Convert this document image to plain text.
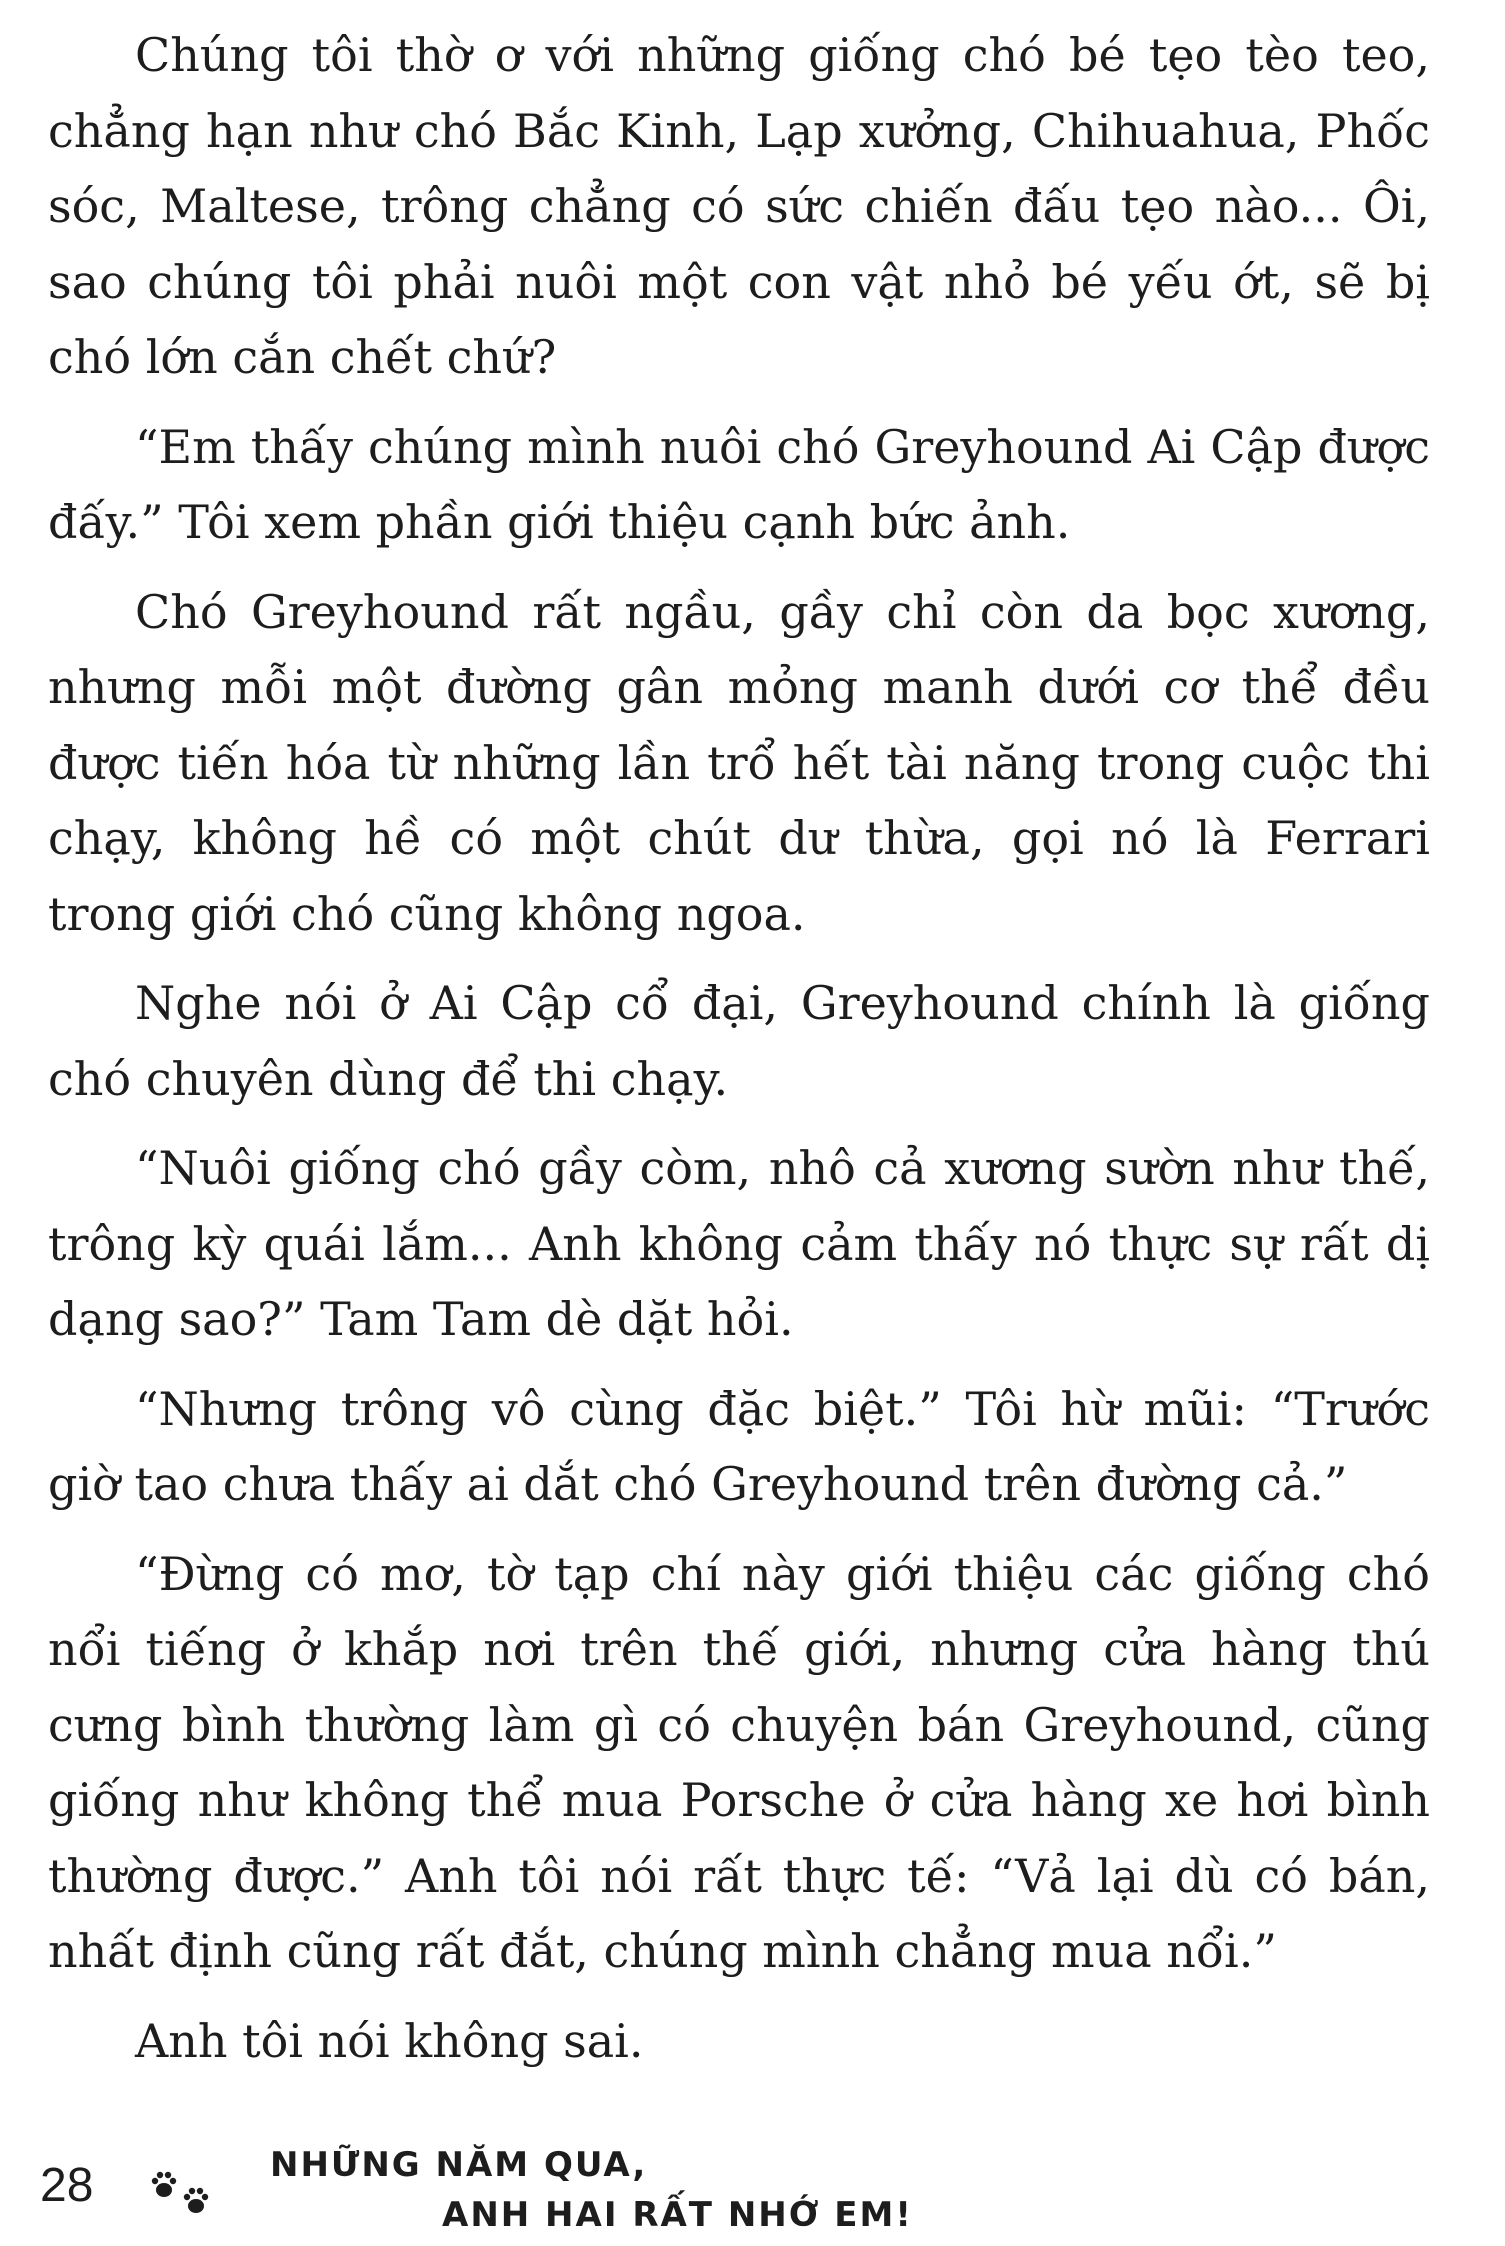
Chúng tôi thờ ơ với những giống chó bé tẹo tèo teo, chẳng hạn như chó Bắc Kinh, Lạp xưởng, Chihuahua, Phốc sóc, Maltese, trông chẳng có sức chiến đấu tẹo nào... Ôi, sao chúng tôi phải nuôi một con vật nhỏ bé yếu ớt, sẽ bị chó lớn cắn chết chứ?

“Em thấy chúng mình nuôi chó Greyhound Ai Cập được đấy.” Tôi xem phần giới thiệu cạnh bức ảnh.

Chó Greyhound rất ngầu, gầy chỉ còn da bọc xương, nhưng mỗi một đường gân mỏng manh dưới cơ thể đều được tiến hóa từ những lần trổ hết tài năng trong cuộc thi chạy, không hề có một chút dư thừa, gọi nó là Ferrari trong giới chó cũng không ngoa.

Nghe nói ở Ai Cập cổ đại, Greyhound chính là giống chó chuyên dùng để thi chạy.

“Nuôi giống chó gầy còm, nhô cả xương sườn như thế, trông kỳ quái lắm... Anh không cảm thấy nó thực sự rất dị dạng sao?” Tam Tam dè dặt hỏi.

“Nhưng trông vô cùng đặc biệt.” Tôi hừ mũi: “Trước giờ tao chưa thấy ai dắt chó Greyhound trên đường cả.”

“Đừng có mơ, tờ tạp chí này giới thiệu các giống chó nổi tiếng ở khắp nơi trên thế giới, nhưng cửa hàng thú cưng bình thường làm gì có chuyện bán Greyhound, cũng giống như không thể mua Porsche ở cửa hàng xe hơi bình thường được.” Anh tôi nói rất thực tế: “Vả lại dù có bán, nhất định cũng rất đắt, chúng mình chẳng mua nổi.”

Anh tôi nói không sai.

28	NHỮNG NĂM QUA,
ANH HAI RẤT NHỚ EM!
